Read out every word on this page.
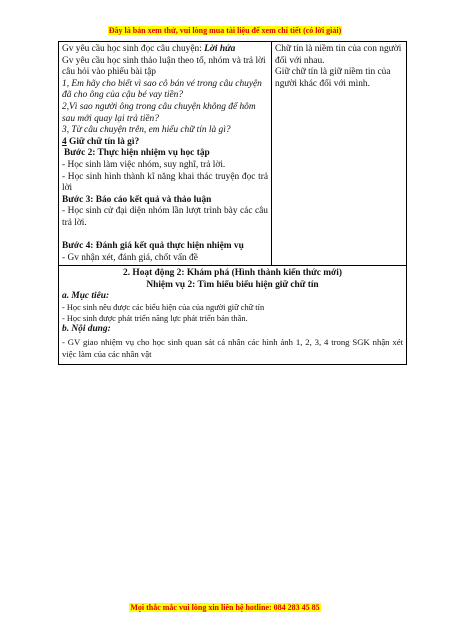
Đây là bản xem thử, vui lòng mua tài liệu để xem chi tiết (có lời giải)
Gv yêu cầu học sinh đọc câu chuyện: Lời hứa
Gv yêu cầu học sinh thảo luận theo tổ, nhóm và trả lời câu hỏi vào phiếu bài tập
1, Em hãy cho biết vì sao cô bán vé trong câu chuyện đã cho ông của cậu bé vay tiền?
2,Vì sao người ông trong câu chuyện không để hôm sau mới quay lại trả tiền?
3, Từ câu chuyện trên, em hiểu chữ tín là gì?
4 Giữ chữ tín là gì?
Bước 2: Thực hiện nhiệm vụ học tập
- Học sinh làm việc nhóm, suy nghĩ, trả lời.
- Học sinh hình thành kĩ năng khai thác truyện đọc trả lời
Bước 3: Báo cáo kết quả và thảo luận
- Học sinh cử đại diện nhóm lần lượt trình bày các câu trả lời.
Bước 4: Đánh giá kết quả thực hiện nhiệm vụ
- Gv nhận xét, đánh giá, chốt vấn đề
Chữ tín là niềm tin của con người đối với nhau.
Giữ chữ tín là giữ niềm tin của người khác đối với mình.
2. Hoạt động 2: Khám phá (Hình thành kiến thức mới)
Nhiệm vụ 2: Tìm hiểu biểu hiện giữ chữ tín
a. Mục tiêu:
- Học sinh nêu được các biểu hiện của của người giữ chữ tín
- Học sinh được phát triển năng lực phát triển bản thân.
b. Nội dung:
- GV giao nhiệm vụ cho học sinh quan sát cá nhân các hình ảnh 1, 2, 3, 4 trong SGK nhận xét việc làm của các nhân vật
Mọi thắc mắc vui lòng xin liên hệ hotline: 084 283 45 85
